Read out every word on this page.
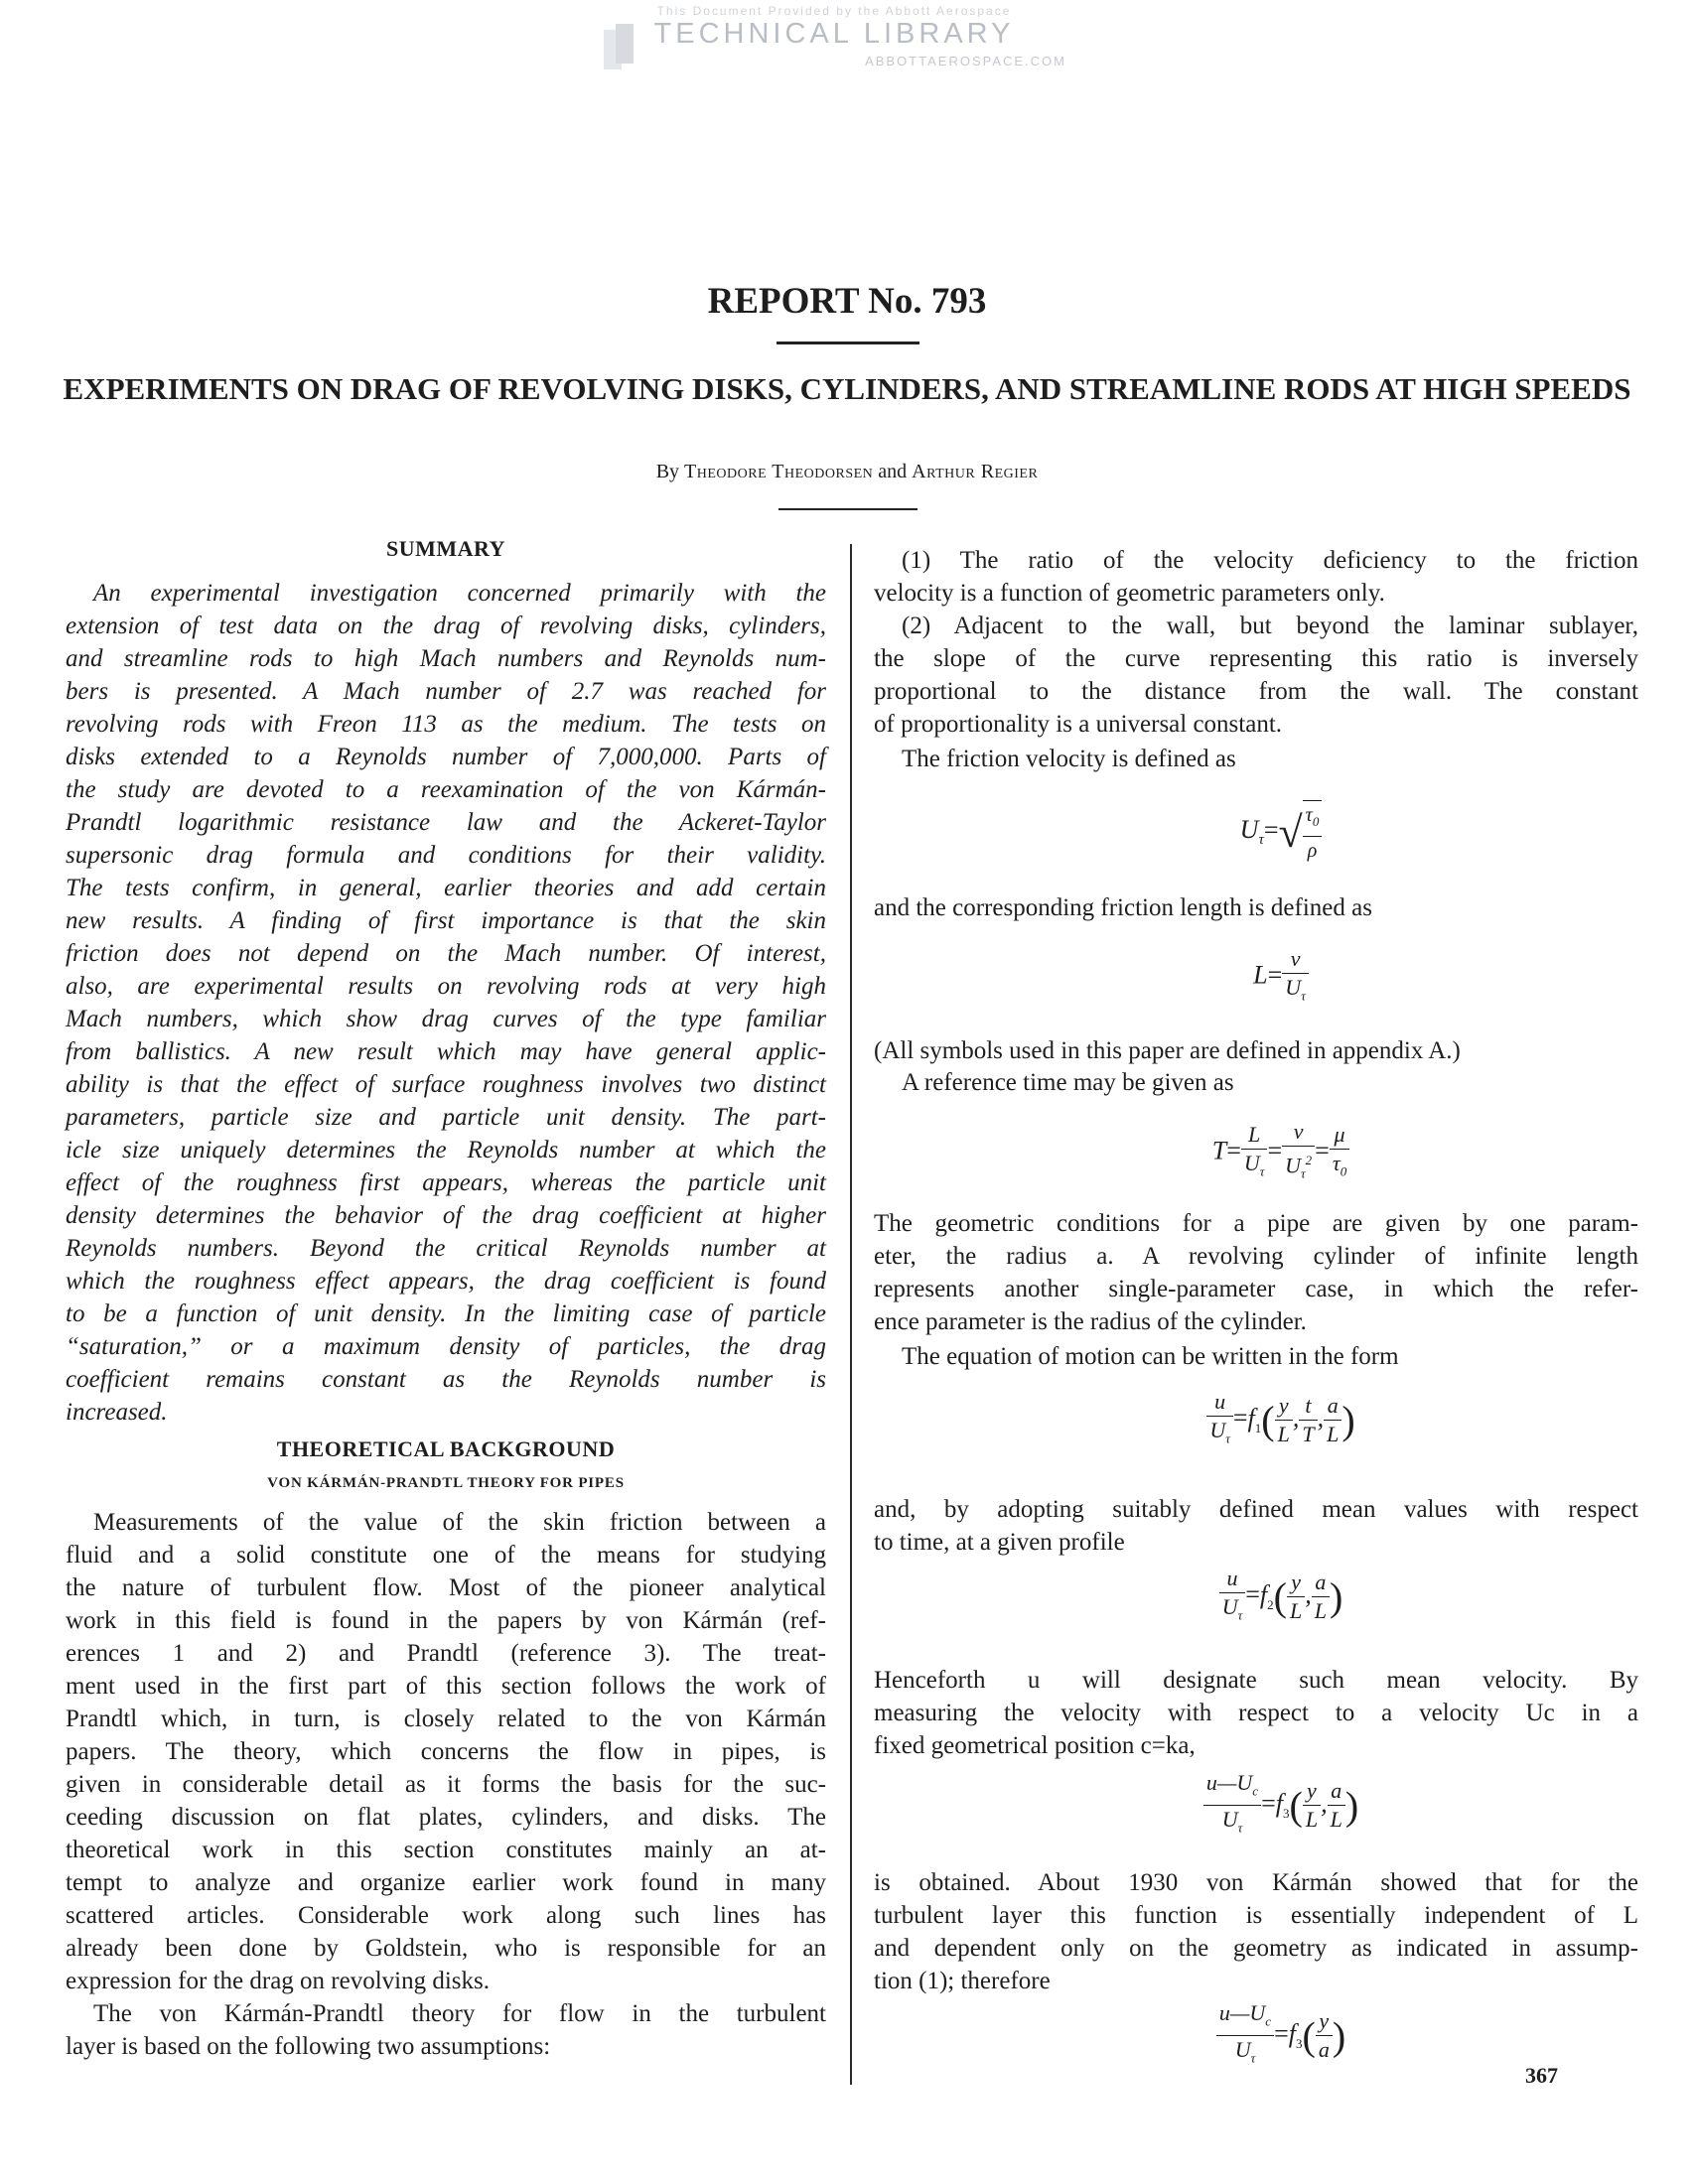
This Document Provided by the Abbott Aerospace
TECHNICAL LIBRARY
ABBOTTAEROSPACE.COM
REPORT No. 793
EXPERIMENTS ON DRAG OF REVOLVING DISKS, CYLINDERS, AND STREAMLINE RODS AT HIGH SPEEDS
By Theodore Theodorsen and Arthur Regier
SUMMARY
An experimental investigation concerned primarily with the
extension of test data on the drag of revolving disks, cylinders,
and streamline rods to high Mach numbers and Reynolds num-
bers is presented. A Mach number of 2.7 was reached for
revolving rods with Freon 113 as the medium. The tests on
disks extended to a Reynolds number of 7,000,000. Parts of
the study are devoted to a reexamination of the von Kármán-
Prandtl logarithmic resistance law and the Ackeret-Taylor
supersonic drag formula and conditions for their validity.
The tests confirm, in general, earlier theories and add certain
new results. A finding of first importance is that the skin
friction does not depend on the Mach number. Of interest,
also, are experimental results on revolving rods at very high
Mach numbers, which show drag curves of the type familiar
from ballistics. A new result which may have general applic-
ability is that the effect of surface roughness involves two distinct
parameters, particle size and particle unit density. The part-
icle size uniquely determines the Reynolds number at which the
effect of the roughness first appears, whereas the particle unit
density determines the behavior of the drag coefficient at higher
Reynolds numbers. Beyond the critical Reynolds number at
which the roughness effect appears, the drag coefficient is found
to be a function of unit density. In the limiting case of particle
“saturation,” or a maximum density of particles, the drag
coefficient remains constant as the Reynolds number is
increased.
THEORETICAL BACKGROUND
VON KÁRMÁN-PRANDTL THEORY FOR PIPES
Measurements of the value of the skin friction between a
fluid and a solid constitute one of the means for studying
the nature of turbulent flow. Most of the pioneer analytical
work in this field is found in the papers by von Kármán (ref-
erences 1 and 2) and Prandtl (reference 3). The treat-
ment used in the first part of this section follows the work of
Prandtl which, in turn, is closely related to the von Kármán
papers. The theory, which concerns the flow in pipes, is
given in considerable detail as it forms the basis for the suc-
ceeding discussion on flat plates, cylinders, and disks. The
theoretical work in this section constitutes mainly an at-
tempt to analyze and organize earlier work found in many
scattered articles. Considerable work along such lines has
already been done by Goldstein, who is responsible for an
expression for the drag on revolving disks.
The von Kármán-Prandtl theory for flow in the turbulent
layer is based on the following two assumptions:
(1) The ratio of the velocity deficiency to the friction
velocity is a function of geometric parameters only.
(2) Adjacent to the wall, but beyond the laminar sublayer,
the slope of the curve representing this ratio is inversely
proportional to the distance from the wall. The constant
of proportionality is a universal constant.
The friction velocity is defined as
$U_\tau=√ \frac{\tau_0}{\rho}$
and the corresponding friction length is defined as
$L= \frac{\nu}{U_\tau}$
(All symbols used in this paper are defined in appendix A.)
A reference time may be given as
$T= \frac{L}{U_\tau} = \frac{\nu}{U_\tau^2} = \frac{\mu}{\tau_0}$
The geometric conditions for a pipe are given by one param-
eter, the radius a. A revolving cylinder of infinite length
represents another single-parameter case, in which the refer-
ence parameter is the radius of the cylinder.
The equation of motion can be written in the form
$\frac{u}{U_\tau} =f_1( \frac{y}{L}$ , $\frac{t}{T}$ , $\frac{a}{L}$ )
and, by adopting suitably defined mean values with respect
to time, at a given profile
$\frac{u}{U_\tau} =f_2( \frac{y}{L}$ , $\frac{a}{L}$ )
Henceforth u will designate such mean velocity. By
measuring the velocity with respect to a velocity Uc in a
fixed geometrical position c=ka,
$\frac{u—U_c}{U_\tau} =f_3( \frac{y}{L}$ , $\frac{a}{L}$ )
is obtained. About 1930 von Kármán showed that for the
turbulent layer this function is essentially independent of L
and dependent only on the geometry as indicated in assump-
tion (1); therefore
$\frac{u—U_c}{U_\tau} =f_3( \frac{y}{a}$ )
367
